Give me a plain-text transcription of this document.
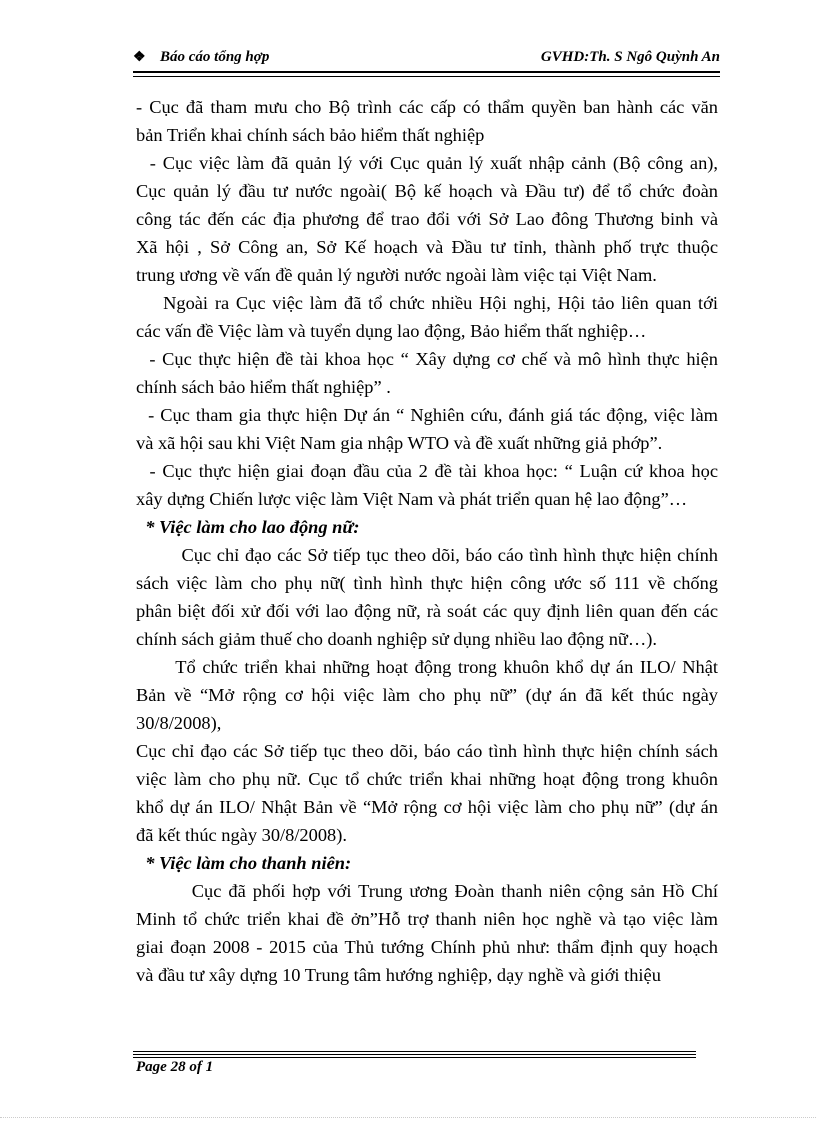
❖ Báo cáo tổng hợp	GVHD:Th. S Ngô Quỳnh An
- Cục đã tham mưu cho Bộ trình các cấp có thẩm quyền ban hành các văn
bản Triển khai chính sách bảo hiểm thất nghiệp
- Cục việc làm đã quản lý với Cục quản lý xuất nhập cảnh (Bộ công an),
Cục quản lý đầu tư nước ngoài( Bộ kế hoạch và Đầu tư) để tổ chức đoàn
công tác đến các địa phương để trao đổi với Sở Lao đông Thương binh và
Xã hội , Sở Công an, Sở Kế hoạch và Đầu tư tỉnh, thành phố trực thuộc
trung ương về vấn đề quản lý người nước ngoài làm việc tại Việt Nam.
Ngoài ra Cục việc làm đã tổ chức nhiều Hội nghị, Hội tảo liên quan tới
các vấn đề Việc làm và tuyển dụng lao động, Bảo hiểm thất nghiệp…
- Cục thực hiện đề tài khoa học “ Xây dựng cơ chế và mô hình thực hiện
chính sách bảo hiểm thất nghiệp” .
- Cục tham gia thực hiện Dự án “ Nghiên cứu, đánh giá tác động, việc làm
và xã hội sau khi Việt Nam gia nhập WTO và đề xuất những giả phớp”.
- Cục thực hiện giai đoạn đầu của 2 đề tài khoa học: “ Luận cứ khoa học
xây dựng Chiến lược việc làm Việt Nam và phát triển quan hệ lao động”…
* Việc làm cho lao động nữ:
Cục chỉ đạo các Sở tiếp tục theo dõi, báo cáo tình hình thực hiện chính
sách việc làm cho phụ nữ( tình hình thực hiện công ước số 111 về chống
phân biệt đối xử đối với lao động nữ, rà soát các quy định liên quan đến các
chính sách giảm thuế cho doanh nghiệp sử dụng nhiều lao động nữ…).
Tổ chức triển khai những hoạt động trong khuôn khổ dự án ILO/ Nhật
Bản về “Mở rộng cơ hội việc làm cho phụ nữ” (dự án đã kết thúc ngày
30/8/2008),
Cục chỉ đạo các Sở tiếp tục theo dõi, báo cáo tình hình thực hiện chính sách
việc làm cho phụ nữ. Cục tổ chức triển khai những hoạt động trong khuôn
khổ dự án ILO/ Nhật Bản về “Mở rộng cơ hội việc làm cho phụ nữ” (dự án
đã kết thúc ngày 30/8/2008).
* Việc làm cho thanh niên:
Cục đã phối hợp với Trung ương Đoàn thanh niên cộng sản Hồ Chí
Minh tổ chức triển khai đề ởn”Hỗ trợ thanh niên học nghề và tạo việc làm
giai đoạn 2008 - 2015 của Thủ tướng Chính phủ như: thẩm định quy hoạch
và đầu tư xây dựng 10 Trung tâm hướng nghiệp, dạy nghề và giới thiệu
Page 28 of 1
